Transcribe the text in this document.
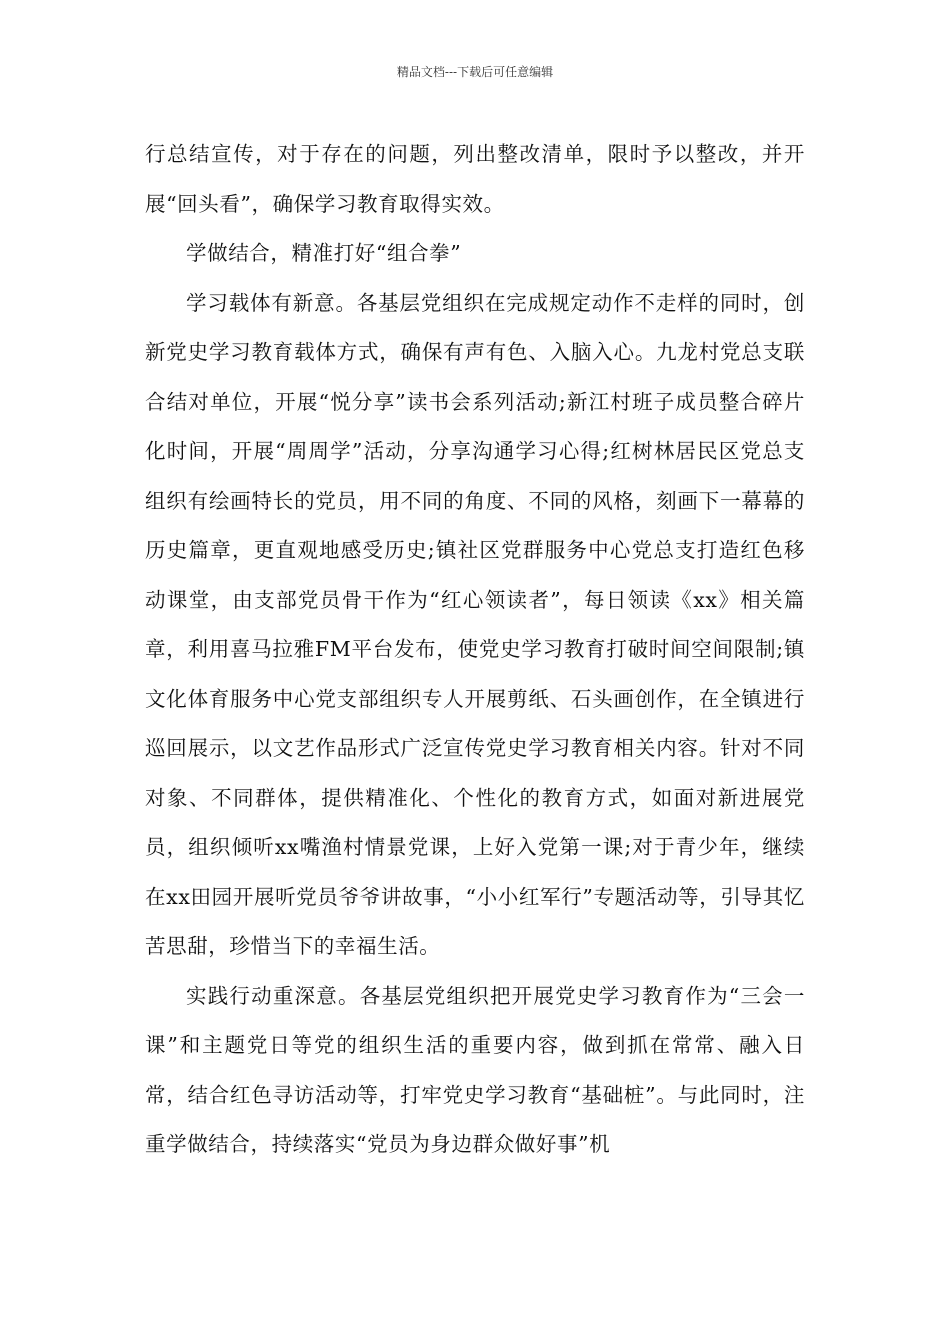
精品文档---下载后可任意编辑

行总结宣传，对于存在的问题，列出整改清单，限时予以整改，并开展“回头看”，确保学习教育取得实效。

学做结合，精准打好“组合拳”

学习载体有新意。各基层党组织在完成规定动作不走样的同时，创新党史学习教育载体方式，确保有声有色、入脑入心。九龙村党总支联合结对单位，开展“悦分享”读书会系列活动;新江村班子成员整合碎片化时间，开展“周周学”活动，分享沟通学习心得;红树林居民区党总支组织有绘画特长的党员，用不同的角度、不同的风格，刻画下一幕幕的历史篇章，更直观地感受历史;镇社区党群服务中心党总支打造红色移动课堂，由支部党员骨干作为“红心领读者”，每日领读《xx》相关篇章，利用喜马拉雅FM平台发布，使党史学习教育打破时间空间限制;镇文化体育服务中心党支部组织专人开展剪纸、石头画创作，在全镇进行巡回展示，以文艺作品形式广泛宣传党史学习教育相关内容。针对不同对象、不同群体，提供精准化、个性化的教育方式，如面对新进展党员，组织倾听xx嘴渔村情景党课，上好入党第一课;对于青少年，继续在xx田园开展听党员爷爷讲故事，“小小红军行”专题活动等，引导其忆苦思甜，珍惜当下的幸福生活。

实践行动重深意。各基层党组织把开展党史学习教育作为“三会一课”和主题党日等党的组织生活的重要内容，做到抓在常常、融入日常，结合红色寻访活动等，打牢党史学习教育“基础桩”。与此同时，注重学做结合，持续落实“党员为身边群众做好事”机
